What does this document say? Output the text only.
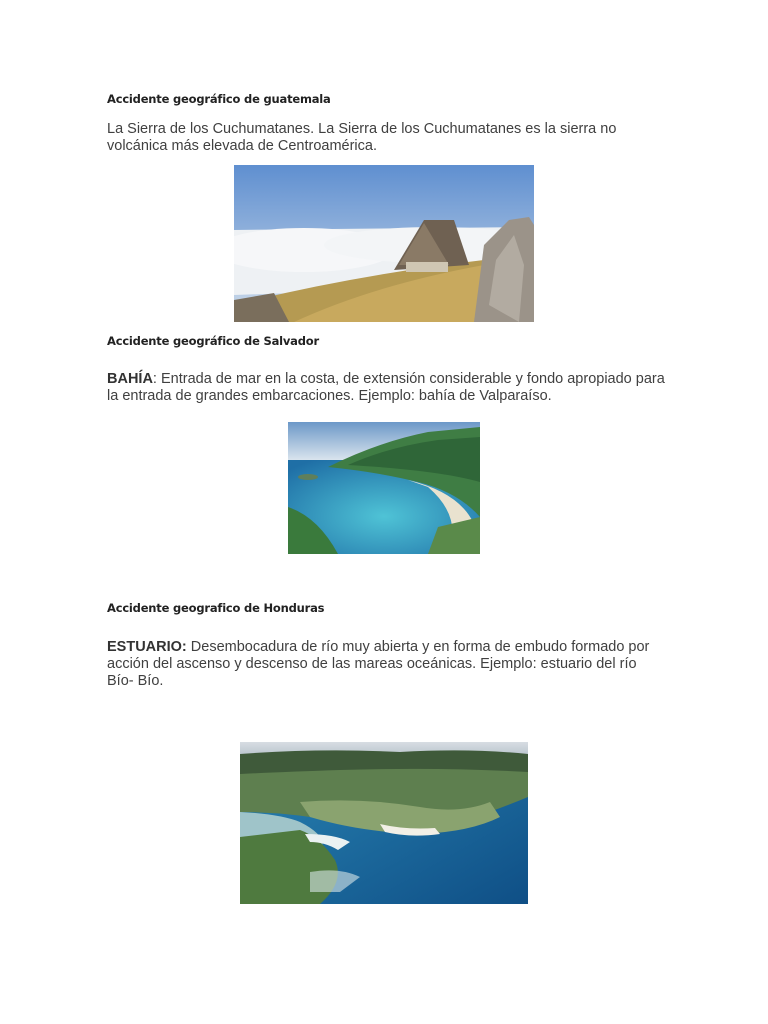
Accidente geográfico de guatemala

La Sierra de los Cuchumatanes. La Sierra de los Cuchumatanes es la sierra no volcánica más elevada de Centroamérica.

Accidente geográfico de Salvador

BAHÍA: Entrada de mar en la costa, de extensión considerable y fondo apropiado para la entrada de grandes embarcaciones. Ejemplo: bahía de Valparaíso.

Accidente geografico de Honduras

ESTUARIO: Desembocadura de río muy abierta y en forma de embudo formado por acción del ascenso y descenso de las mareas oceánicas. Ejemplo: estuario del río Bío- Bío.
